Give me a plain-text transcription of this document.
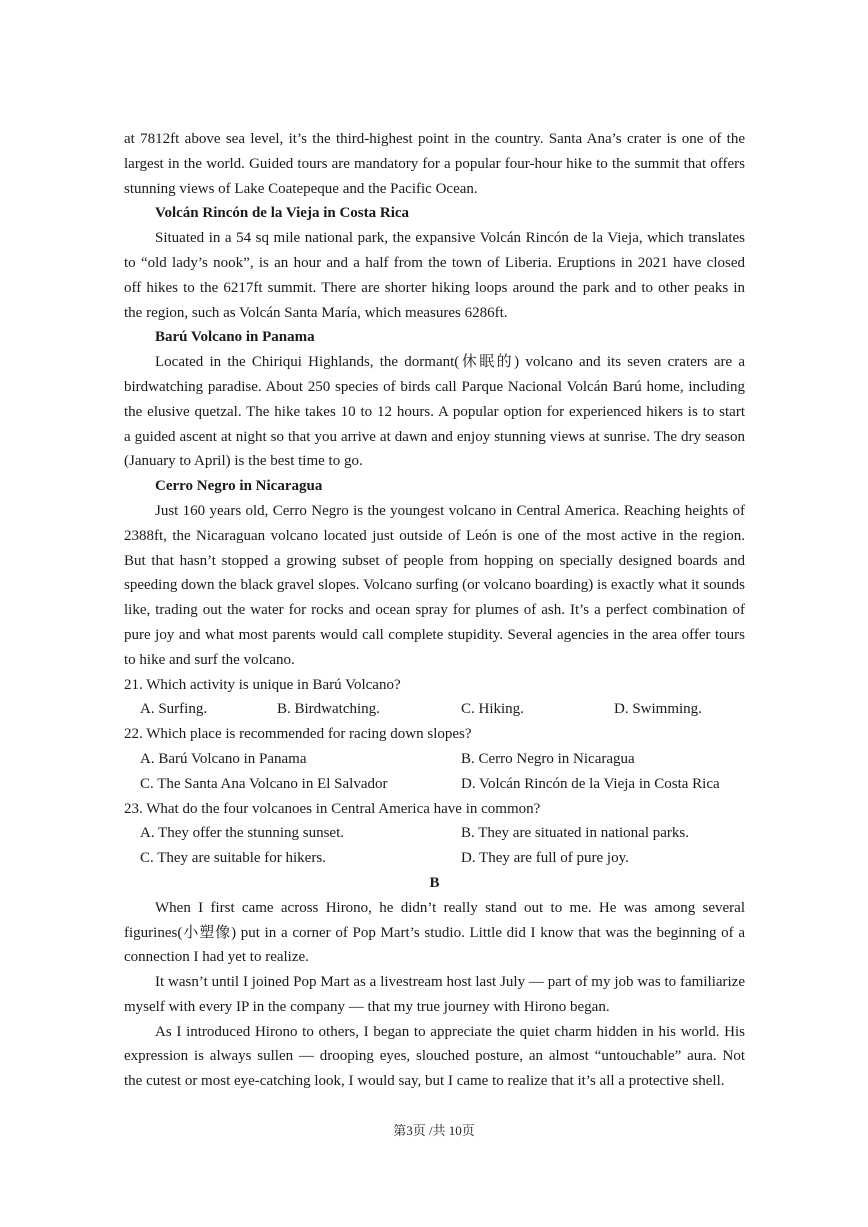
at 7812ft above sea level, it’s the third-highest point in the country. Santa Ana’s crater is one of the
largest in the world. Guided tours are mandatory for a popular four-hour hike to the summit that offers
stunning views of Lake Coatepeque and the Pacific Ocean.
Volcán Rincón de la Vieja in Costa Rica
Situated in a 54 sq mile national park, the expansive Volcán Rincón de la Vieja, which translates
to “old lady’s nook”, is an hour and a half from the town of Liberia. Eruptions in 2021 have closed
off hikes to the 6217ft summit. There are shorter hiking loops around the park and to other peaks in
the region, such as Volcán Santa María, which measures 6286ft.
Barú Volcano in Panama
Located in the Chiriqui Highlands, the dormant(休眠的) volcano and its seven craters are a
birdwatching paradise. About 250 species of birds call Parque Nacional Volcán Barú home, including
the elusive quetzal. The hike takes 10 to 12 hours. A popular option for experienced hikers is to start
a guided ascent at night so that you arrive at dawn and enjoy stunning views at sunrise. The dry season
(January to April) is the best time to go.
Cerro Negro in Nicaragua
Just 160 years old, Cerro Negro is the youngest volcano in Central America. Reaching heights of
2388ft, the Nicaraguan volcano located just outside of León is one of the most active in the region.
But that hasn’t stopped a growing subset of people from hopping on specially designed boards and
speeding down the black gravel slopes. Volcano surfing (or volcano boarding) is exactly what it sounds
like, trading out the water for rocks and ocean spray for plumes of ash. It’s a perfect combination of
pure joy and what most parents would call complete stupidity. Several agencies in the area offer tours
to hike and surf the volcano.
21. Which activity is unique in Barú Volcano?
A. Surfing.	B. Birdwatching.	C. Hiking.	D. Swimming.
22. Which place is recommended for racing down slopes?
A. Barú Volcano in Panama	B. Cerro Negro in Nicaragua
C. The Santa Ana Volcano in El Salvador	D. Volcán Rincón de la Vieja in Costa Rica
23. What do the four volcanoes in Central America have in common?
A. They offer the stunning sunset.	B. They are situated in national parks.
C. They are suitable for hikers.	D. They are full of pure joy.
B
When I first came across Hirono, he didn’t really stand out to me. He was among several
figurines(小塑像) put in a corner of Pop Mart’s studio. Little did I know that was the beginning of a
connection I had yet to realize.
It wasn’t until I joined Pop Mart as a livestream host last July — part of my job was to familiarize
myself with every IP in the company — that my true journey with Hirono began.
As I introduced Hirono to others, I began to appreciate the quiet charm hidden in his world. His
expression is always sullen — drooping eyes, slouched posture, an almost “untouchable” aura. Not
the cutest or most eye-catching look, I would say, but I came to realize that it’s all a protective shell.
第3页 /共 10页
